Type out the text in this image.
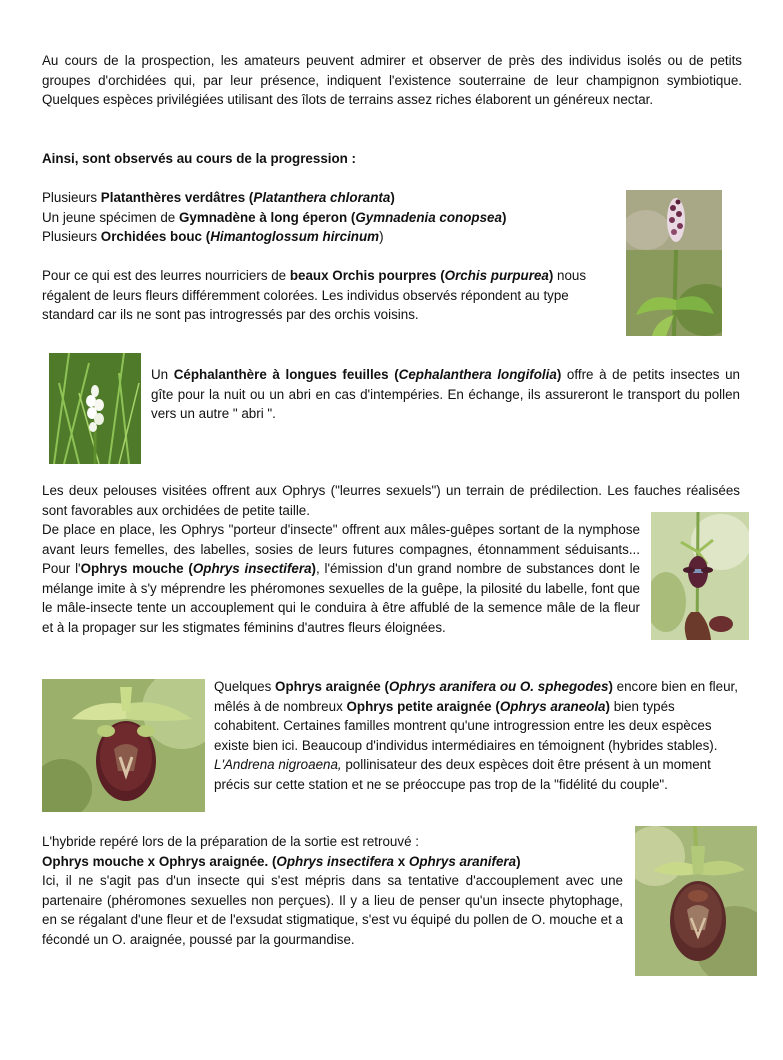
Au cours de la prospection, les amateurs peuvent admirer et observer de près des individus isolés ou de petits groupes d'orchidées qui, par leur présence, indiquent l'existence souterraine de leur champignon symbiotique. Quelques espèces privilégiées utilisant des îlots de terrains assez riches élaborent un généreux nectar.

Ainsi, sont observés au cours de la progression :

Plusieurs Platanthères verdâtres (Platanthera chloranta)
Un jeune spécimen de Gymnadène à long éperon (Gymnadenia conopsea)
Plusieurs Orchidées bouc (Himantoglossum hircinum)

Pour ce qui est des leurres nourriciers de beaux Orchis pourpres (Orchis purpurea) nous régalent de leurs fleurs différemment colorées. Les individus observés répondent au type standard car ils ne sont pas introgressés par des orchis voisins.

Un Céphalanthère à longues feuilles (Cephalanthera longifolia) offre à de petits insectes un gîte pour la nuit ou un abri en cas d'intempéries. En échange, ils assureront le transport du pollen vers un autre " abri ".

Les deux pelouses visitées offrent aux Ophrys ("leurres sexuels") un terrain de prédilection. Les fauches réalisées sont favorables aux orchidées de petite taille.

De place en place, les Ophrys "porteur d'insecte" offrent aux mâles-guêpes sortant de la nymphose avant leurs femelles, des labelles, sosies de leurs futures compagnes, étonnamment séduisants... Pour l'Ophrys mouche (Ophrys insectifera), l'émission d'un grand nombre de substances dont le mélange imite à s'y méprendre les phéromones sexuelles de la guêpe, la pilosité du labelle, font que le mâle-insecte tente un accouplement qui le conduira à être affublé de la semence mâle de la fleur et à la propager sur les stigmates féminins d'autres fleurs éloignées.

Quelques Ophrys araignée (Ophrys aranifera ou O. sphegodes) encore bien en fleur, mêlés à de nombreux Ophrys petite araignée (Ophrys araneola) bien typés cohabitent. Certaines familles montrent qu'une introgression entre les deux espèces existe bien ici. Beaucoup d'individus intermédiaires en témoignent (hybrides stables). L'Andrena nigroaena, pollinisateur des deux espèces doit être présent à un moment précis sur cette station et ne se préoccupe pas trop de la "fidélité du couple".

L'hybride repéré lors de la préparation de la sortie est retrouvé :
Ophrys mouche x Ophrys araignée. (Ophrys insectifera x Ophrys aranifera)
Ici, il ne s'agit pas d'un insecte qui s'est mépris dans sa tentative d'accouplement avec une partenaire (phéromones sexuelles non perçues). Il y a lieu de penser qu'un insecte phytophage, en se régalant d'une fleur et de l'exsudat stigmatique, s'est vu équipé du pollen de O. mouche et a fécondé un O. araignée, poussé par la gourmandise.
